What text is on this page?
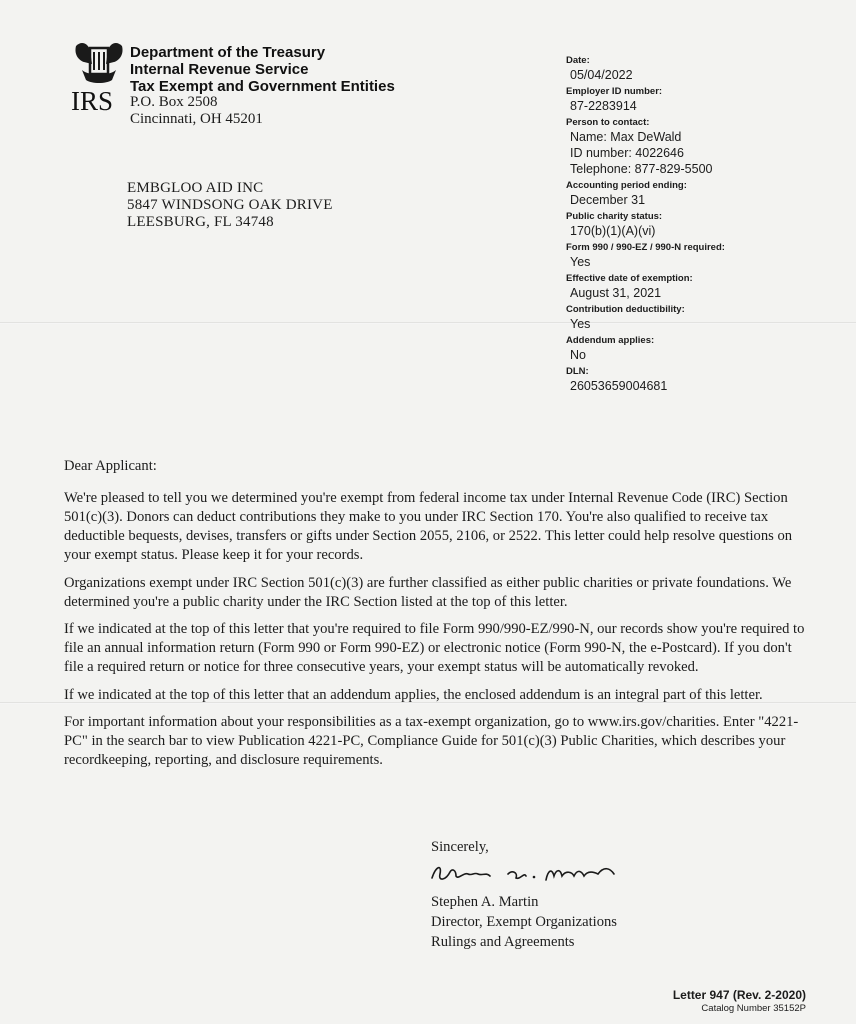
IRS
Department of the Treasury
Internal Revenue Service
Tax Exempt and Government Entities
P.O. Box 2508
Cincinnati, OH 45201
EMBGLOO AID INC
5847 WINDSONG OAK DRIVE
LEESBURG, FL 34748
Date:
05/04/2022
Employer ID number:
87-2283914
Person to contact:
Name: Max DeWald
ID number: 4022646
Telephone: 877-829-5500
Accounting period ending:
December 31
Public charity status:
170(b)(1)(A)(vi)
Form 990 / 990-EZ / 990-N required:
Yes
Effective date of exemption:
August 31, 2021
Contribution deductibility:
Yes
Addendum applies:
No
DLN:
26053659004681

Dear Applicant:

We're pleased to tell you we determined you're exempt from federal income tax under Internal Revenue Code (IRC) Section 501(c)(3). Donors can deduct contributions they make to you under IRC Section 170. You're also qualified to receive tax deductible bequests, devises, transfers or gifts under Section 2055, 2106, or 2522. This letter could help resolve questions on your exempt status. Please keep it for your records.

Organizations exempt under IRC Section 501(c)(3) are further classified as either public charities or private foundations. We determined you're a public charity under the IRC Section listed at the top of this letter.

If we indicated at the top of this letter that you're required to file Form 990/990-EZ/990-N, our records show you're required to file an annual information return (Form 990 or Form 990-EZ) or electronic notice (Form 990-N, the e-Postcard). If you don't file a required return or notice for three consecutive years, your exempt status will be automatically revoked.

If we indicated at the top of this letter that an addendum applies, the enclosed addendum is an integral part of this letter.

For important information about your responsibilities as a tax-exempt organization, go to www.irs.gov/charities. Enter "4221-PC" in the search bar to view Publication 4221-PC, Compliance Guide for 501(c)(3) Public Charities, which describes your recordkeeping, reporting, and disclosure requirements.

Sincerely,
Stephen A. Martin
Director, Exempt Organizations
Rulings and Agreements
Letter 947 (Rev. 2-2020)
Catalog Number 35152P
